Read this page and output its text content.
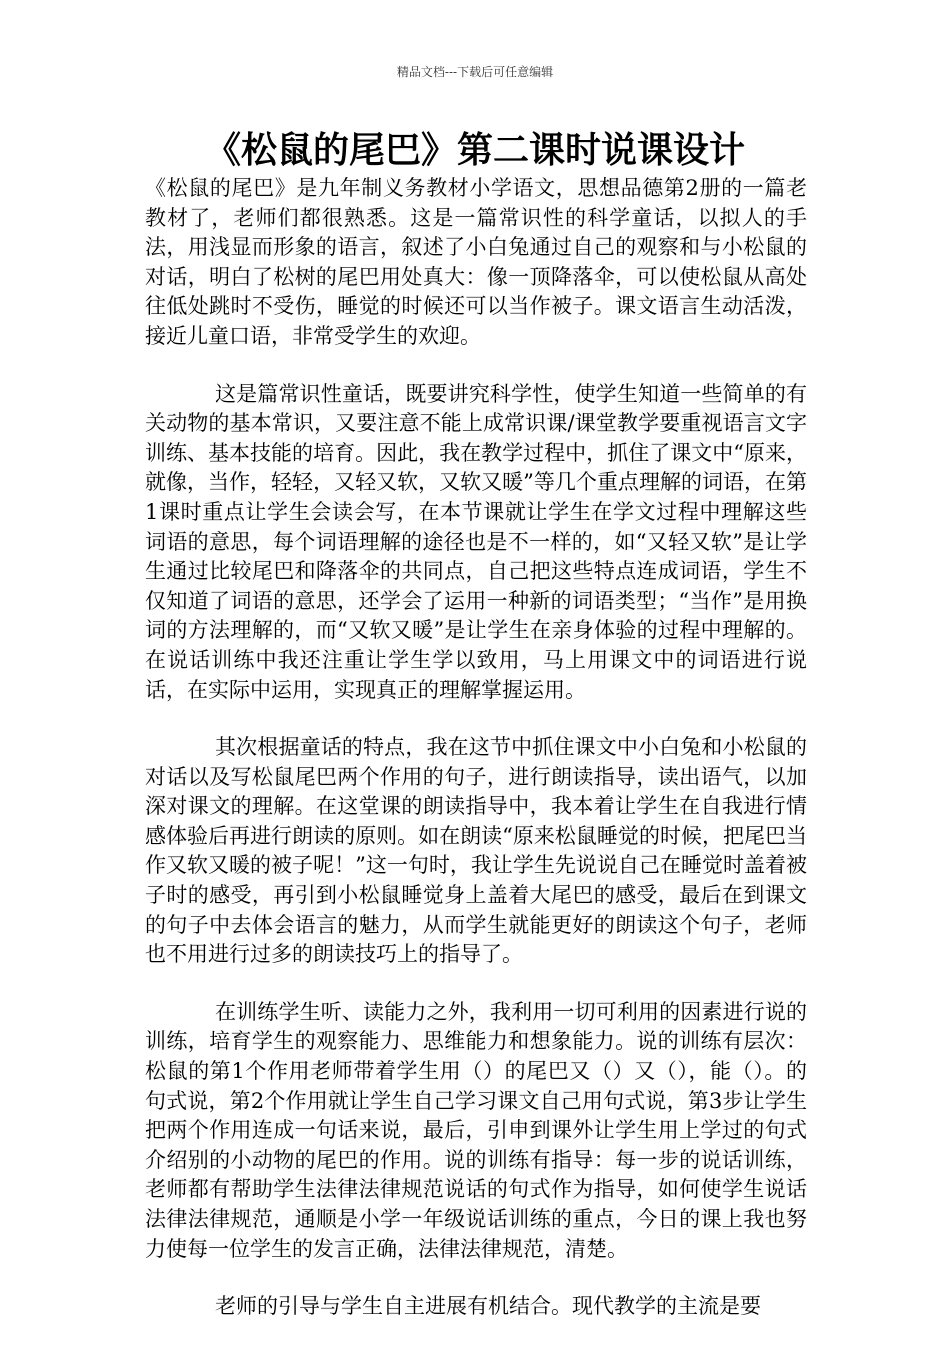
精品文档---下载后可任意编辑
《松鼠的尾巴》第二课时说课设计

《松鼠的尾巴》是九年制义务教材小学语文，思想品德第2册的一篇老教材了，老师们都很熟悉。这是一篇常识性的科学童话，以拟人的手法，用浅显而形象的语言，叙述了小白兔通过自己的观察和与小松鼠的对话，明白了松树的尾巴用处真大：像一顶降落伞，可以使松鼠从高处往低处跳时不受伤，睡觉的时候还可以当作被子。课文语言生动活泼，接近儿童口语，非常受学生的欢迎。

这是篇常识性童话，既要讲究科学性，使学生知道一些简单的有关动物的基本常识，又要注意不能上成常识课/课堂教学要重视语言文字训练、基本技能的培育。因此，我在教学过程中，抓住了课文中“原来，就像，当作，轻轻，又轻又软，又软又暖”等几个重点理解的词语，在第1课时重点让学生会读会写，在本节课就让学生在学文过程中理解这些词语的意思，每个词语理解的途径也是不一样的，如“又轻又软”是让学生通过比较尾巴和降落伞的共同点，自己把这些特点连成词语，学生不仅知道了词语的意思，还学会了运用一种新的词语类型；“当作”是用换词的方法理解的，而“又软又暖”是让学生在亲身体验的过程中理解的。在说话训练中我还注重让学生学以致用，马上用课文中的词语进行说话，在实际中运用，实现真正的理解掌握运用。

其次根据童话的特点，我在这节中抓住课文中小白兔和小松鼠的对话以及写松鼠尾巴两个作用的句子，进行朗读指导，读出语气，以加深对课文的理解。在这堂课的朗读指导中，我本着让学生在自我进行情感体验后再进行朗读的原则。如在朗读“原来松鼠睡觉的时候，把尾巴当作又软又暖的被子呢！”这一句时，我让学生先说说自己在睡觉时盖着被子时的感受，再引到小松鼠睡觉身上盖着大尾巴的感受，最后在到课文的句子中去体会语言的魅力，从而学生就能更好的朗读这个句子，老师也不用进行过多的朗读技巧上的指导了。

在训练学生听、读能力之外，我利用一切可利用的因素进行说的训练，培育学生的观察能力、思维能力和想象能力。说的训练有层次：松鼠的第1个作用老师带着学生用（）的尾巴又（）又（），能（）。的句式说，第2个作用就让学生自己学习课文自己用句式说，第3步让学生把两个作用连成一句话来说，最后，引申到课外让学生用上学过的句式介绍别的小动物的尾巴的作用。说的训练有指导：每一步的说话训练，老师都有帮助学生法律法律规范说话的句式作为指导，如何使学生说话法律法律规范，通顺是小学一年级说话训练的重点，今日的课上我也努力使每一位学生的发言正确，法律法律规范，清楚。

老师的引导与学生自主进展有机结合。现代教学的主流是要
